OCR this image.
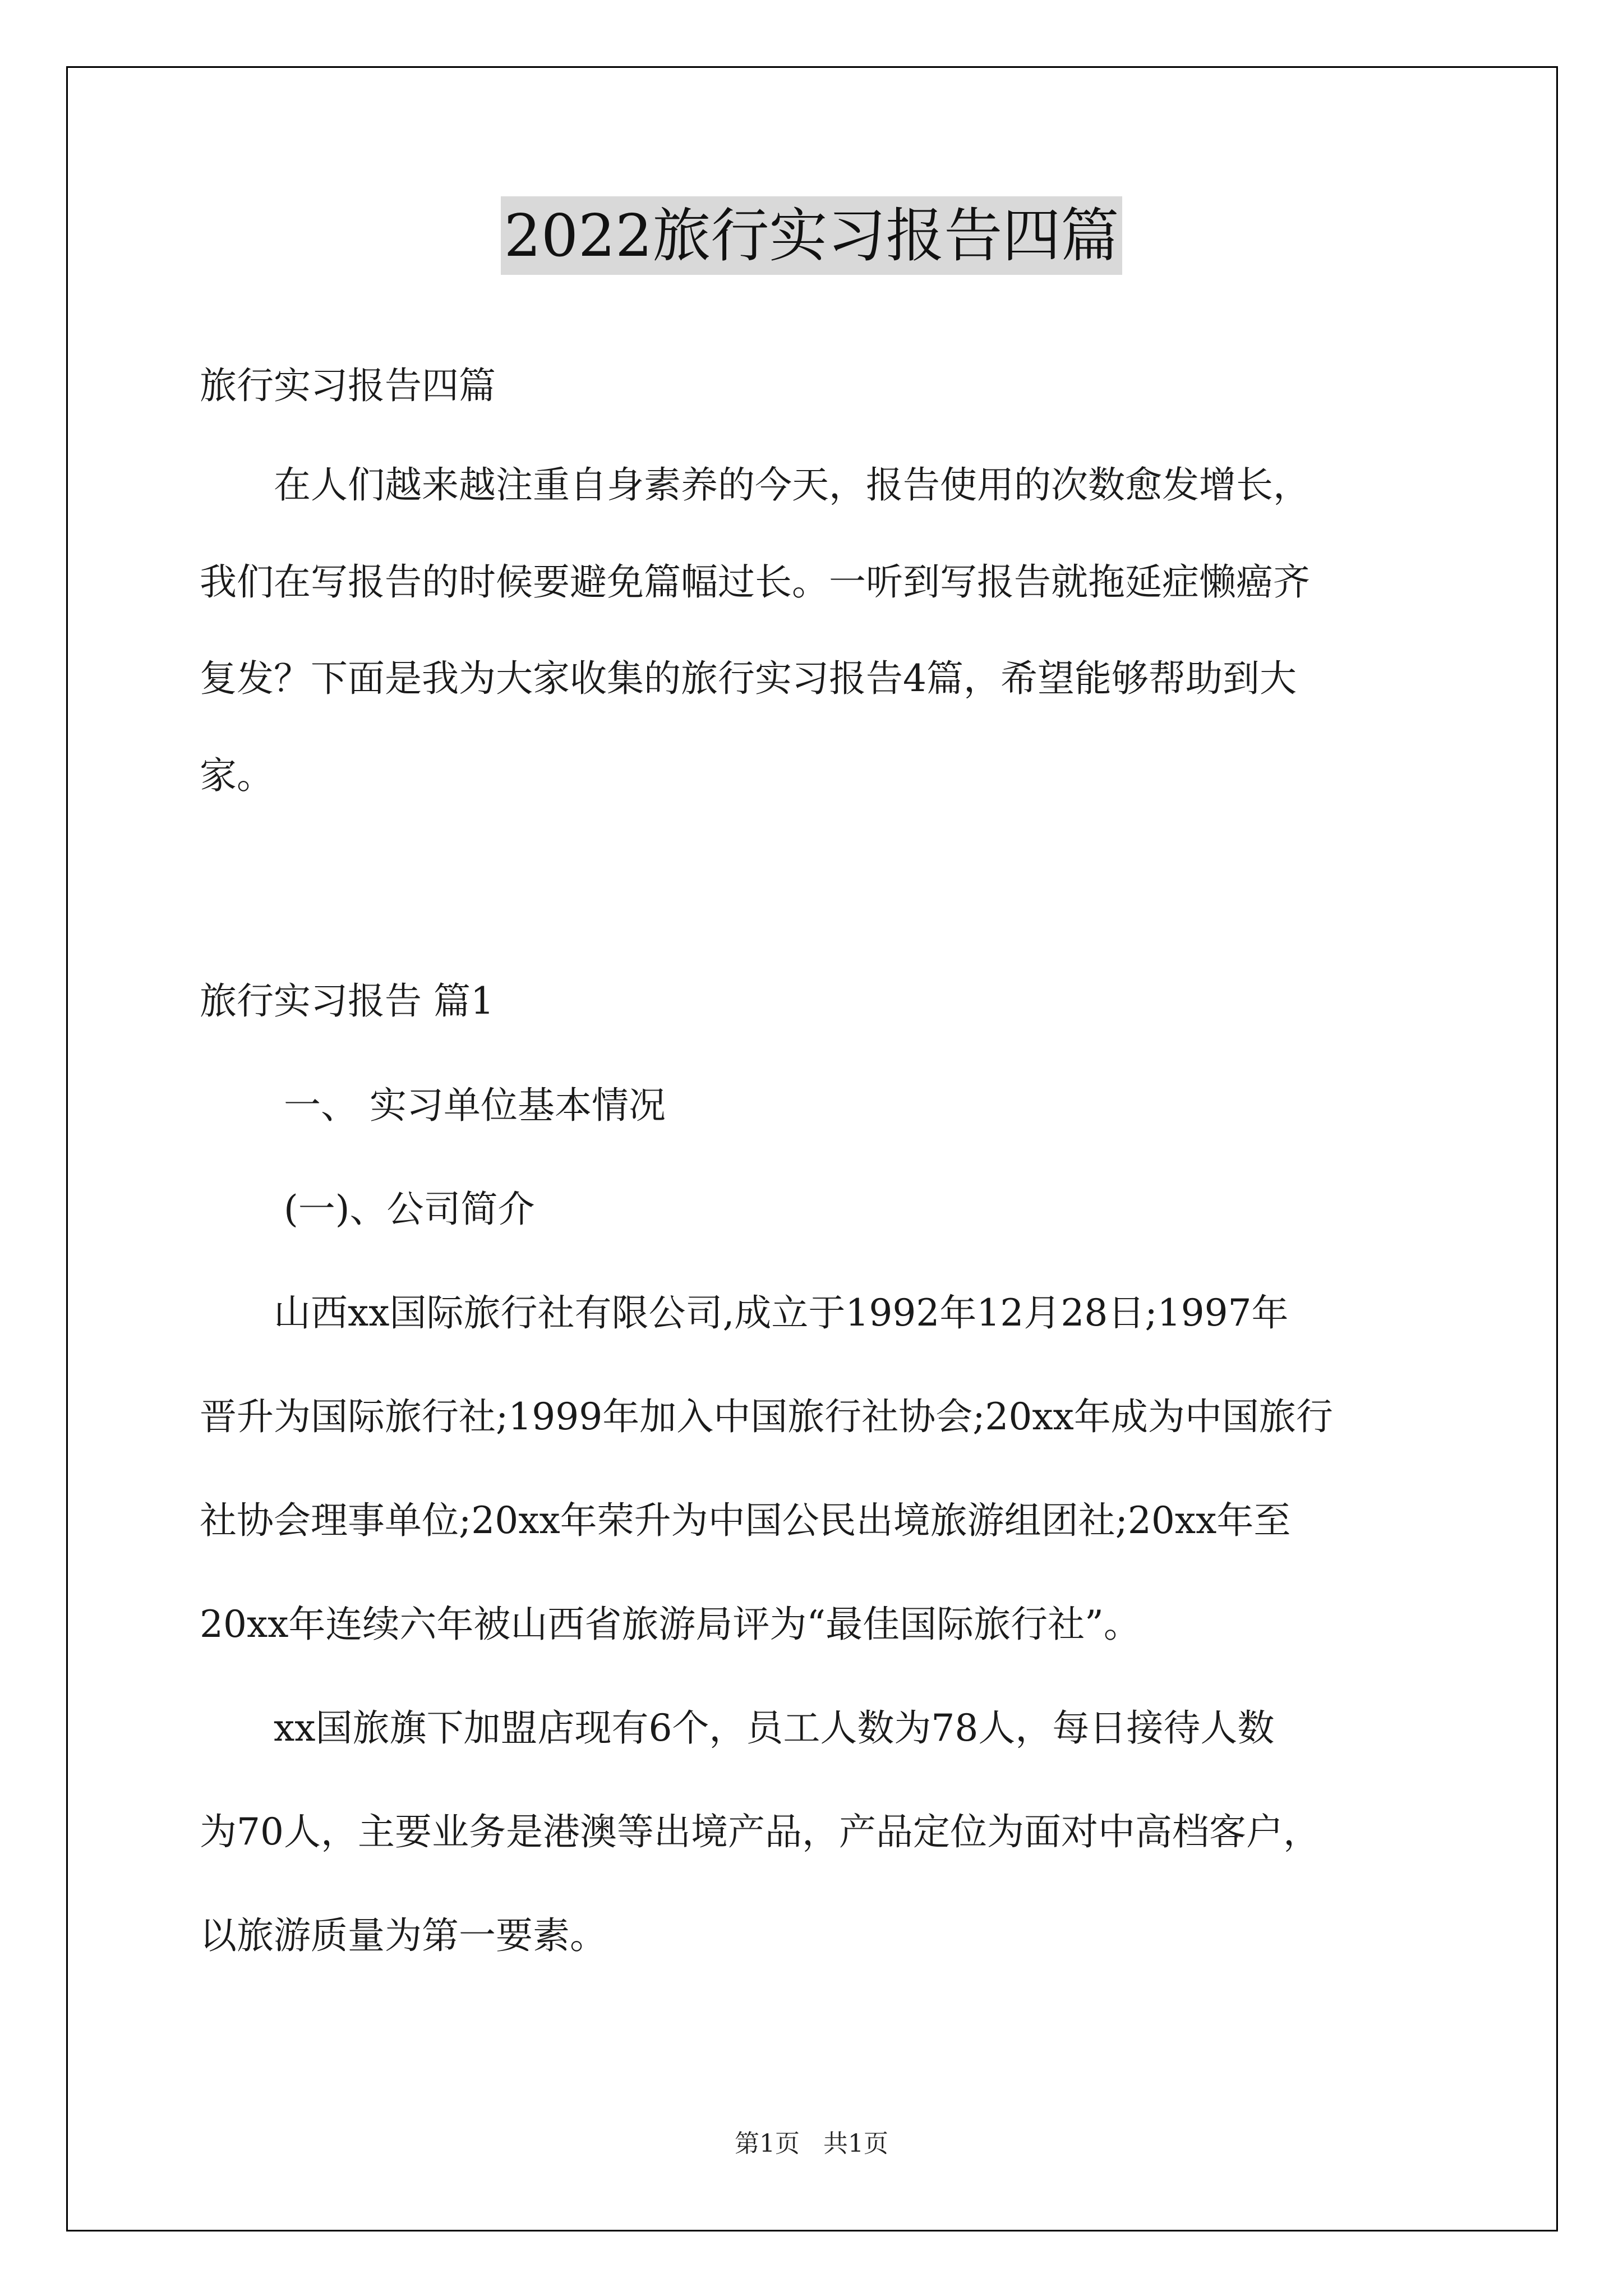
2022旅行实习报告四篇
旅行实习报告四篇
在人们越来越注重自身素养的今天，报告使用的次数愈发增长，
我们在写报告的时候要避免篇幅过长。一听到写报告就拖延症懒癌齐
复发？下面是我为大家收集的旅行实习报告4篇，希望能够帮助到大
家。
旅行实习报告 篇1
一、 实习单位基本情况
(一)、公司简介
山西xx国际旅行社有限公司,成立于1992年12月28日;1997年
晋升为国际旅行社;1999年加入中国旅行社协会;20xx年成为中国旅行
社协会理事单位;20xx年荣升为中国公民出境旅游组团社;20xx年至
20xx年连续六年被山西省旅游局评为“最佳国际旅行社”。
xx国旅旗下加盟店现有6个，员工人数为78人，每日接待人数
为70人，主要业务是港澳等出境产品，产品定位为面对中高档客户，
以旅游质量为第一要素。
第1页 共1页
